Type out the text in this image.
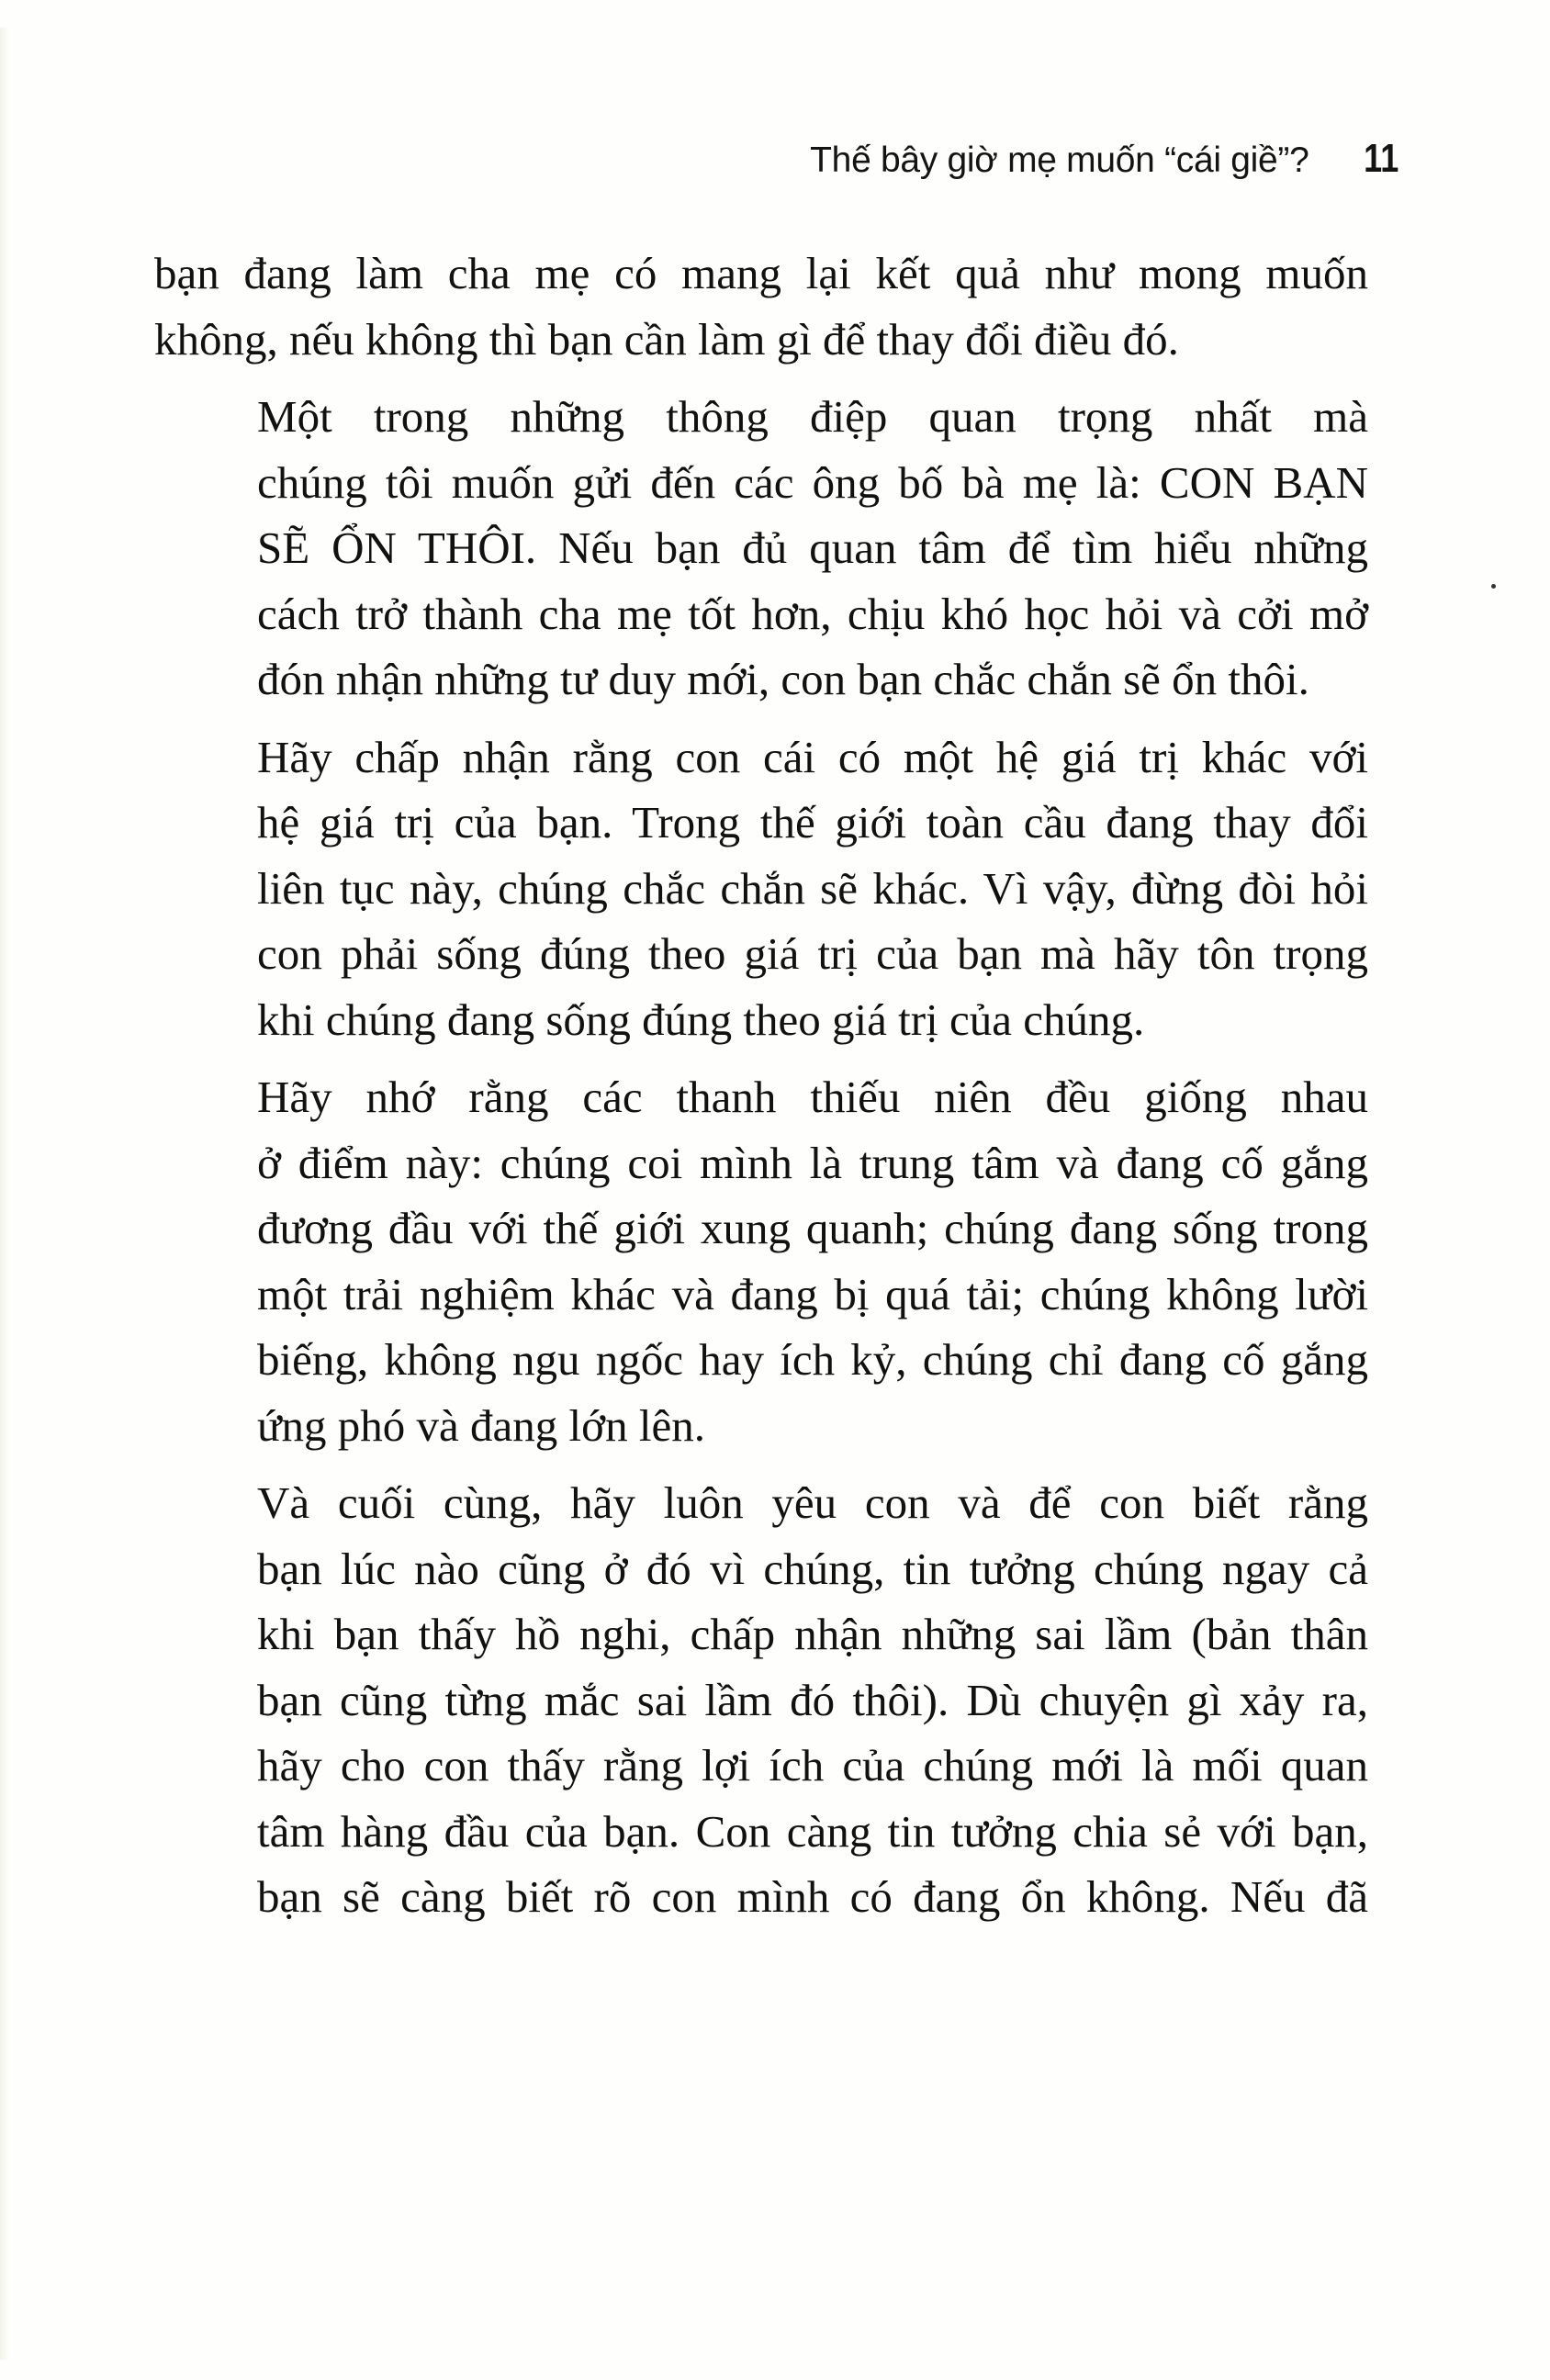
Thế bây giờ mẹ muốn “cái giề”? 11

bạn đang làm cha mẹ có mang lại kết quả như mong muốn
không, nếu không thì bạn cần làm gì để thay đổi điều đó.

Một trong những thông điệp quan trọng nhất mà
chúng tôi muốn gửi đến các ông bố bà mẹ là: CON BẠN
SẼ ỔN THÔI. Nếu bạn đủ quan tâm để tìm hiểu những
cách trở thành cha mẹ tốt hơn, chịu khó học hỏi và cởi mở
đón nhận những tư duy mới, con bạn chắc chắn sẽ ổn thôi.

Hãy chấp nhận rằng con cái có một hệ giá trị khác với
hệ giá trị của bạn. Trong thế giới toàn cầu đang thay đổi
liên tục này, chúng chắc chắn sẽ khác. Vì vậy, đừng đòi hỏi
con phải sống đúng theo giá trị của bạn mà hãy tôn trọng
khi chúng đang sống đúng theo giá trị của chúng.

Hãy nhớ rằng các thanh thiếu niên đều giống nhau
ở điểm này: chúng coi mình là trung tâm và đang cố gắng
đương đầu với thế giới xung quanh; chúng đang sống trong
một trải nghiệm khác và đang bị quá tải; chúng không lười
biếng, không ngu ngốc hay ích kỷ, chúng chỉ đang cố gắng
ứng phó và đang lớn lên.

Và cuối cùng, hãy luôn yêu con và để con biết rằng
bạn lúc nào cũng ở đó vì chúng, tin tưởng chúng ngay cả
khi bạn thấy hồ nghi, chấp nhận những sai lầm (bản thân
bạn cũng từng mắc sai lầm đó thôi). Dù chuyện gì xảy ra,
hãy cho con thấy rằng lợi ích của chúng mới là mối quan
tâm hàng đầu của bạn. Con càng tin tưởng chia sẻ với bạn,
bạn sẽ càng biết rõ con mình có đang ổn không. Nếu đã
